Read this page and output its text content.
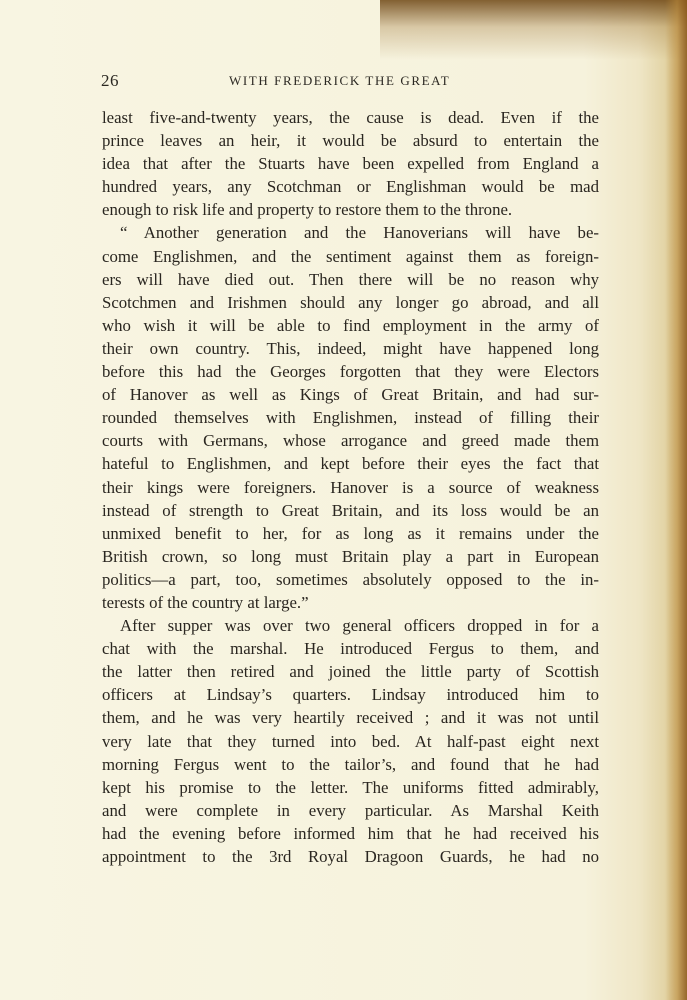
26	WITH FREDERICK THE GREAT
least five-and-twenty years, the cause is dead. Even if the
prince leaves an heir, it would be absurd to entertain the
idea that after the Stuarts have been expelled from England a
hundred years, any Scotchman or Englishman would be mad
enough to risk life and property to restore them to the throne.
“ Another generation and the Hanoverians will have be-
come Englishmen, and the sentiment against them as foreign-
ers will have died out. Then there will be no reason why
Scotchmen and Irishmen should any longer go abroad, and all
who wish it will be able to find employment in the army of
their own country. This, indeed, might have happened long
before this had the Georges forgotten that they were Electors
of Hanover as well as Kings of Great Britain, and had sur-
rounded themselves with Englishmen, instead of filling their
courts with Germans, whose arrogance and greed made them
hateful to Englishmen, and kept before their eyes the fact that
their kings were foreigners. Hanover is a source of weakness
instead of strength to Great Britain, and its loss would be an
unmixed benefit to her, for as long as it remains under the
British crown, so long must Britain play a part in European
politics—a part, too, sometimes absolutely opposed to the in-
terests of the country at large.”
After supper was over two general officers dropped in for a
chat with the marshal. He introduced Fergus to them, and
the latter then retired and joined the little party of Scottish
officers at Lindsay’s quarters. Lindsay introduced him to
them, and he was very heartily received ; and it was not until
very late that they turned into bed. At half-past eight next
morning Fergus went to the tailor’s, and found that he had
kept his promise to the letter. The uniforms fitted admirably,
and were complete in every particular. As Marshal Keith
had the evening before informed him that he had received his
appointment to the 3rd Royal Dragoon Guards, he had no
